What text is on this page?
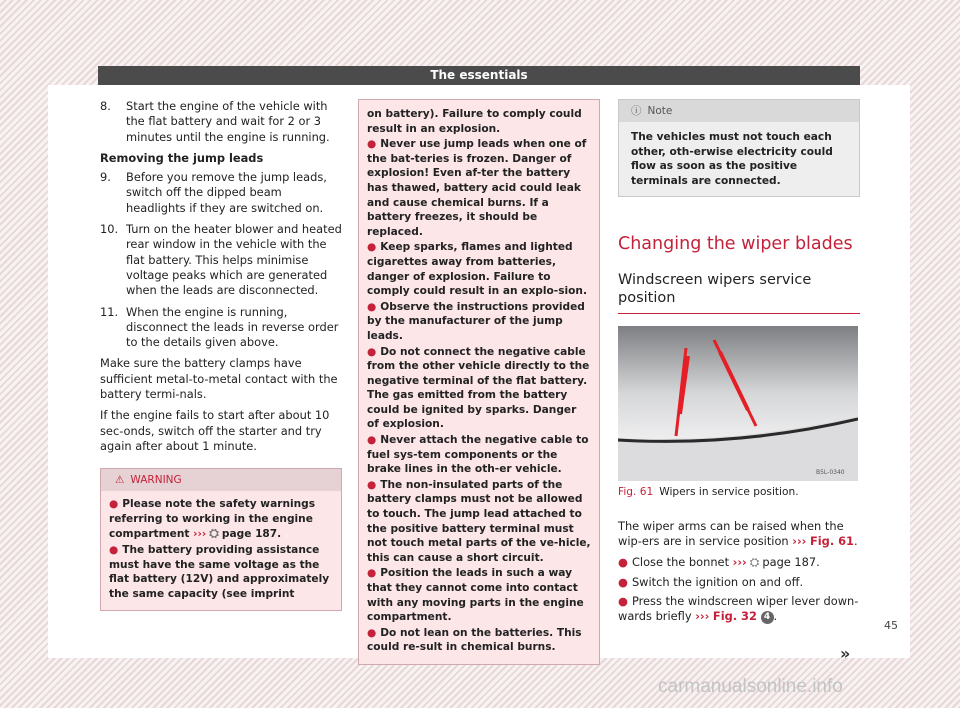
The essentials
8.	Start the engine of the vehicle with the flat battery and wait for 2 or 3 minutes until the engine is running.
Removing the jump leads
9.	Before you remove the jump leads, switch off the dipped beam headlights if they are switched on.
10. Turn on the heater blower and heated rear window in the vehicle with the flat battery. This helps minimise voltage peaks which are generated when the leads are disconnected.
11. When the engine is running, disconnect the leads in reverse order to the details given above.

Make sure the battery clamps have sufficient metal-to-metal contact with the battery termi-nals.

If the engine fails to start after about 10 sec-onds, switch off the starter and try again after about 1 minute.

⚠ WARNING
● Please note the safety warnings referring to working in the engine compartment ››› ⛭ page 187.
● The battery providing assistance must have the same voltage as the flat battery (12V) and approximately the same capacity (see imprint
on battery). Failure to comply could result in an explosion.
● Never use jump leads when one of the bat-teries is frozen. Danger of explosion! Even af-ter the battery has thawed, battery acid could leak and cause chemical burns. If a battery freezes, it should be replaced.
● Keep sparks, flames and lighted cigarettes away from batteries, danger of explosion. Failure to comply could result in an explo-sion.
● Observe the instructions provided by the manufacturer of the jump leads.
● Do not connect the negative cable from the other vehicle directly to the negative terminal of the flat battery. The gas emitted from the battery could be ignited by sparks. Danger of explosion.
● Never attach the negative cable to fuel sys-tem components or the brake lines in the oth-er vehicle.
● The non-insulated parts of the battery clamps must not be allowed to touch. The jump lead attached to the positive battery terminal must not touch metal parts of the ve-hicle, this can cause a short circuit.
● Position the leads in such a way that they cannot come into contact with any moving parts in the engine compartment.
● Do not lean on the batteries. This could re-sult in chemical burns.
ⓘ Note
The vehicles must not touch each other, oth-erwise electricity could flow as soon as the positive terminals are connected.
Changing the wiper blades
Windscreen wipers service position
B5L-0340
Fig. 61 Wipers in service position.

The wiper arms can be raised when the wip-ers are in service position ››› Fig. 61.

● Close the bonnet ››› ⛭ page 187.
● Switch the ignition on and off.
● Press the windscreen wiper lever down-wards briefly ››› Fig. 32 4 .
»
45
carmanualsonline.info
